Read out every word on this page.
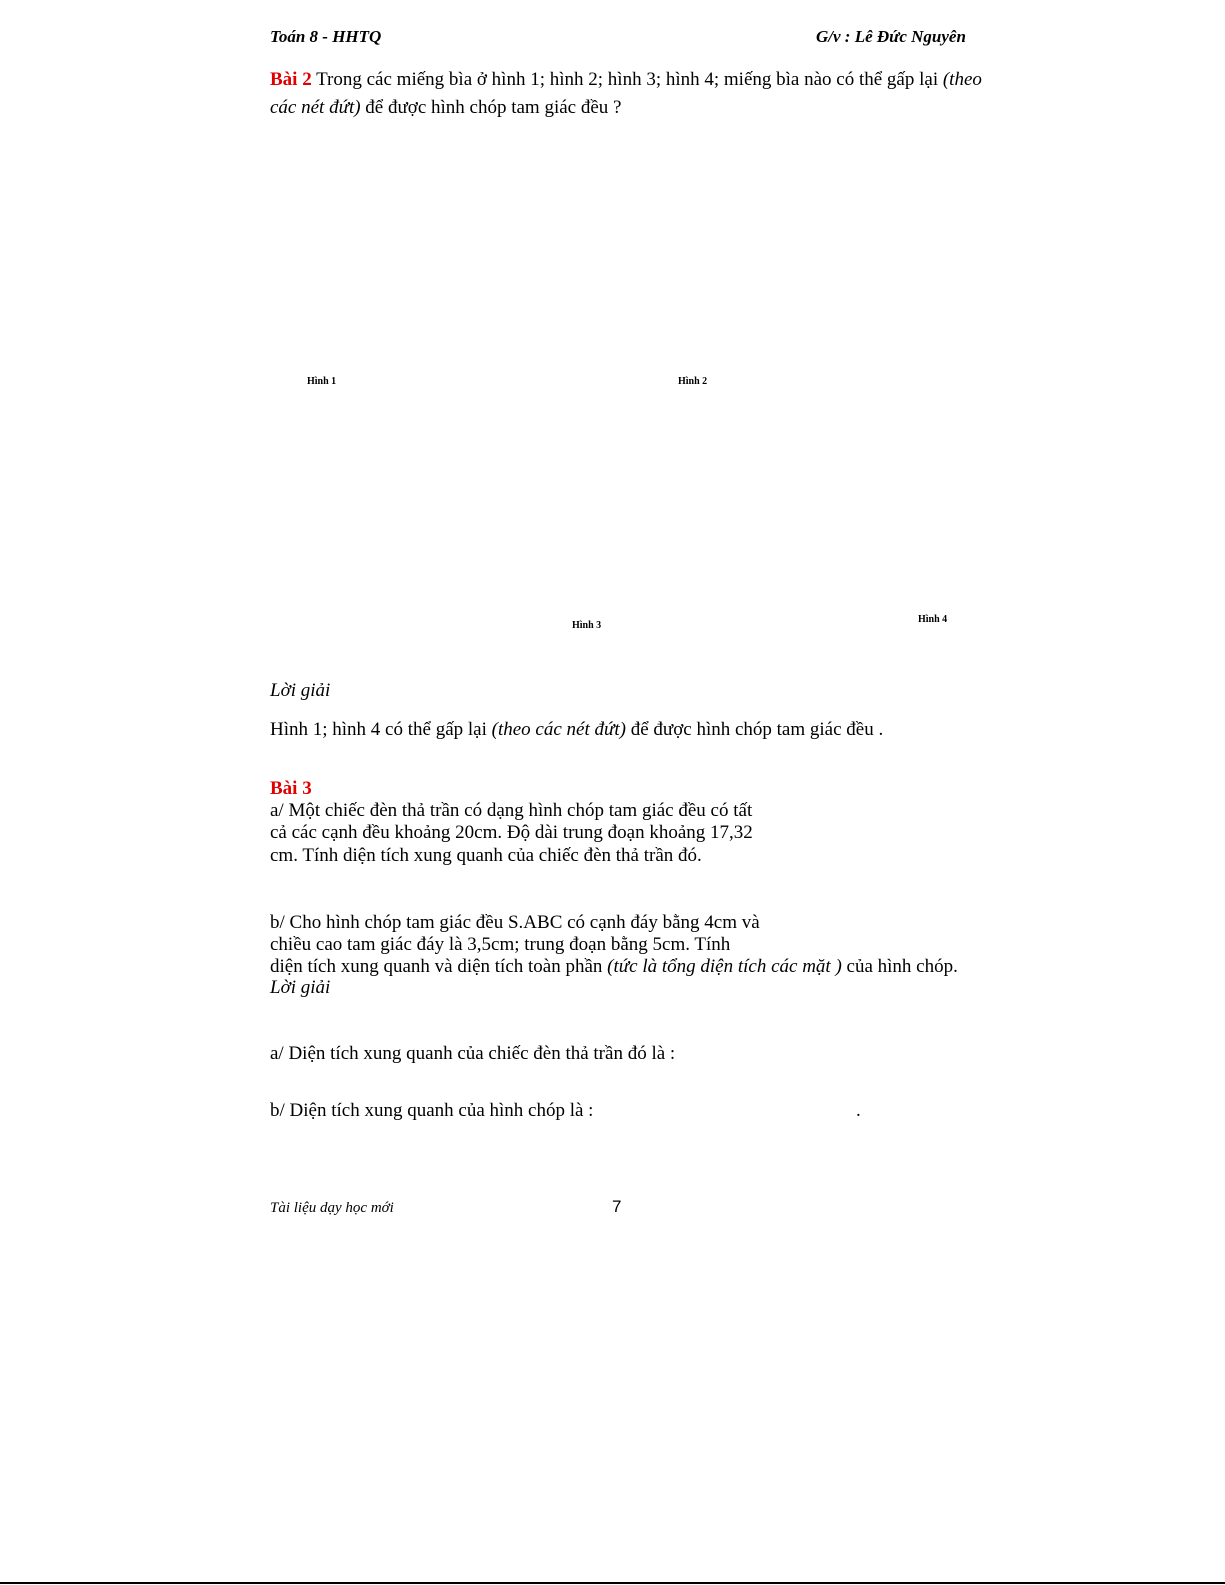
Toán 8 - HHTQ	G/v : Lê Đức Nguyên
Bài 2 Trong các miếng bìa ở hình 1; hình 2; hình 3; hình 4; miếng bìa nào có thể gấp lại (theo
các nét đứt) để được hình chóp tam giác đều ?
Hình 1	Hình 2
Hình 3
Hình 4
Lời giải
Hình 1; hình 4 có thể gấp lại (theo các nét đứt) để được hình chóp tam giác đều .
Bài 3
a/ Một chiếc đèn thả trần có dạng hình chóp tam giác đều có tất
cả các cạnh đều khoảng 20cm. Độ dài trung đoạn khoảng 17,32
cm. Tính diện tích xung quanh của chiếc đèn thả trần đó.
b/ Cho hình chóp tam giác đều S.ABC có cạnh đáy bằng 4cm và
chiều cao tam giác đáy là 3,5cm; trung đoạn bằng 5cm. Tính
diện tích xung quanh và diện tích toàn phần (tức là tổng diện tích các mặt ) của hình chóp.
Lời giải
a/ Diện tích xung quanh của chiếc đèn thả trần đó là :
b/ Diện tích xung quanh của hình chóp là :	.
Tài liệu dạy học mới	7
